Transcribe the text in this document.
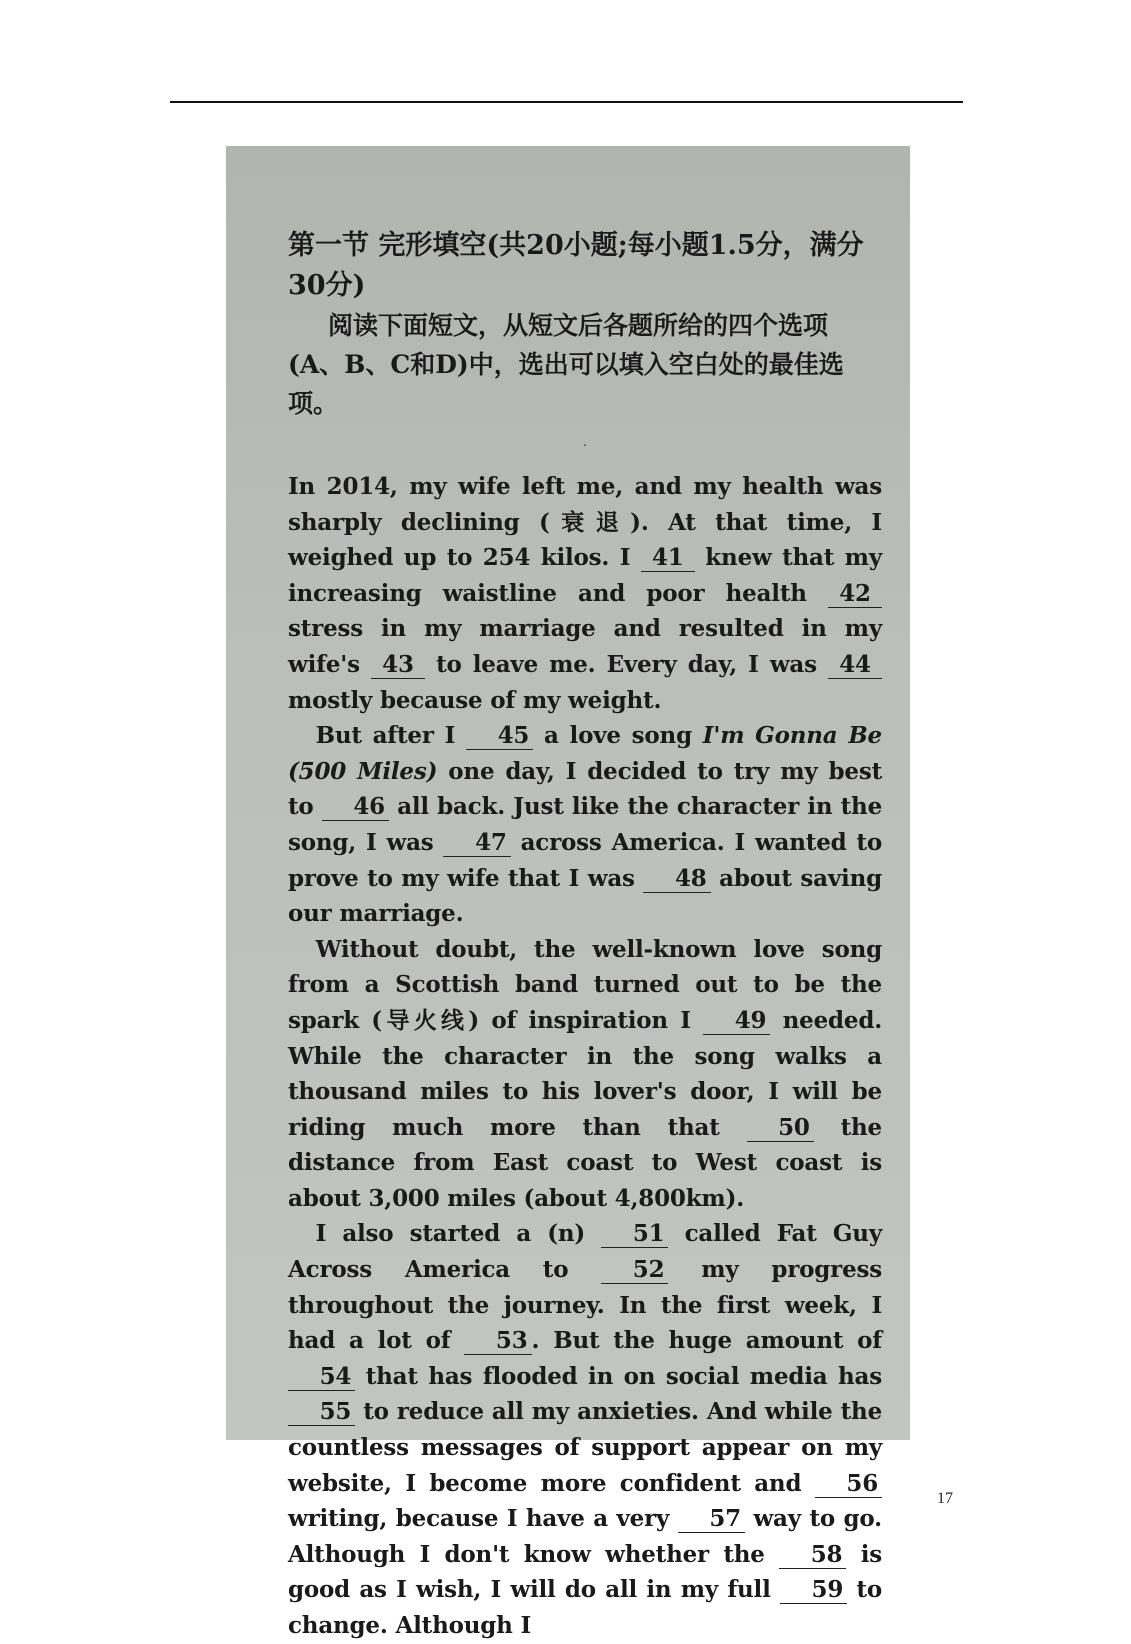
第一节 完形填空(共20小题;每小题1.5分，满分30分)

阅读下面短文，从短文后各题所给的四个选项(A、B、C和D)中，选出可以填入空白处的最佳选项。

·

In 2014, my wife left me, and my health was sharply declining (衰退). At that time, I weighed up to 254 kilos. I 41 knew that my increasing waistline and poor health 42 stress in my marriage and resulted in my wife's 43 to leave me. Every day, I was 44 mostly because of my weight.

But after I 45 a love song I'm Gonna Be (500 Miles) one day, I decided to try my best to 46 all back. Just like the character in the song, I was 47 across America. I wanted to prove to my wife that I was 48 about saving our marriage.

Without doubt, the well-known love song from a Scottish band turned out to be the spark (导火线) of inspiration I 49 needed. While the character in the song walks a thousand miles to his lover's door, I will be riding much more than that 50 the distance from East coast to West coast is about 3,000 miles (about 4,800km).

I also started a (n) 51 called Fat Guy Across America to 52 my progress throughout the journey. In the first week, I had a lot of 53 . But the huge amount of 54 that has flooded in on social media has 55 to reduce all my anxieties. And while the countless messages of support appear on my website, I become more confident and 56 writing, because I have a very 57 way to go. Although I don't know whether the 58 is good as I wish, I will do all in my full 59 to change. Although I

17
